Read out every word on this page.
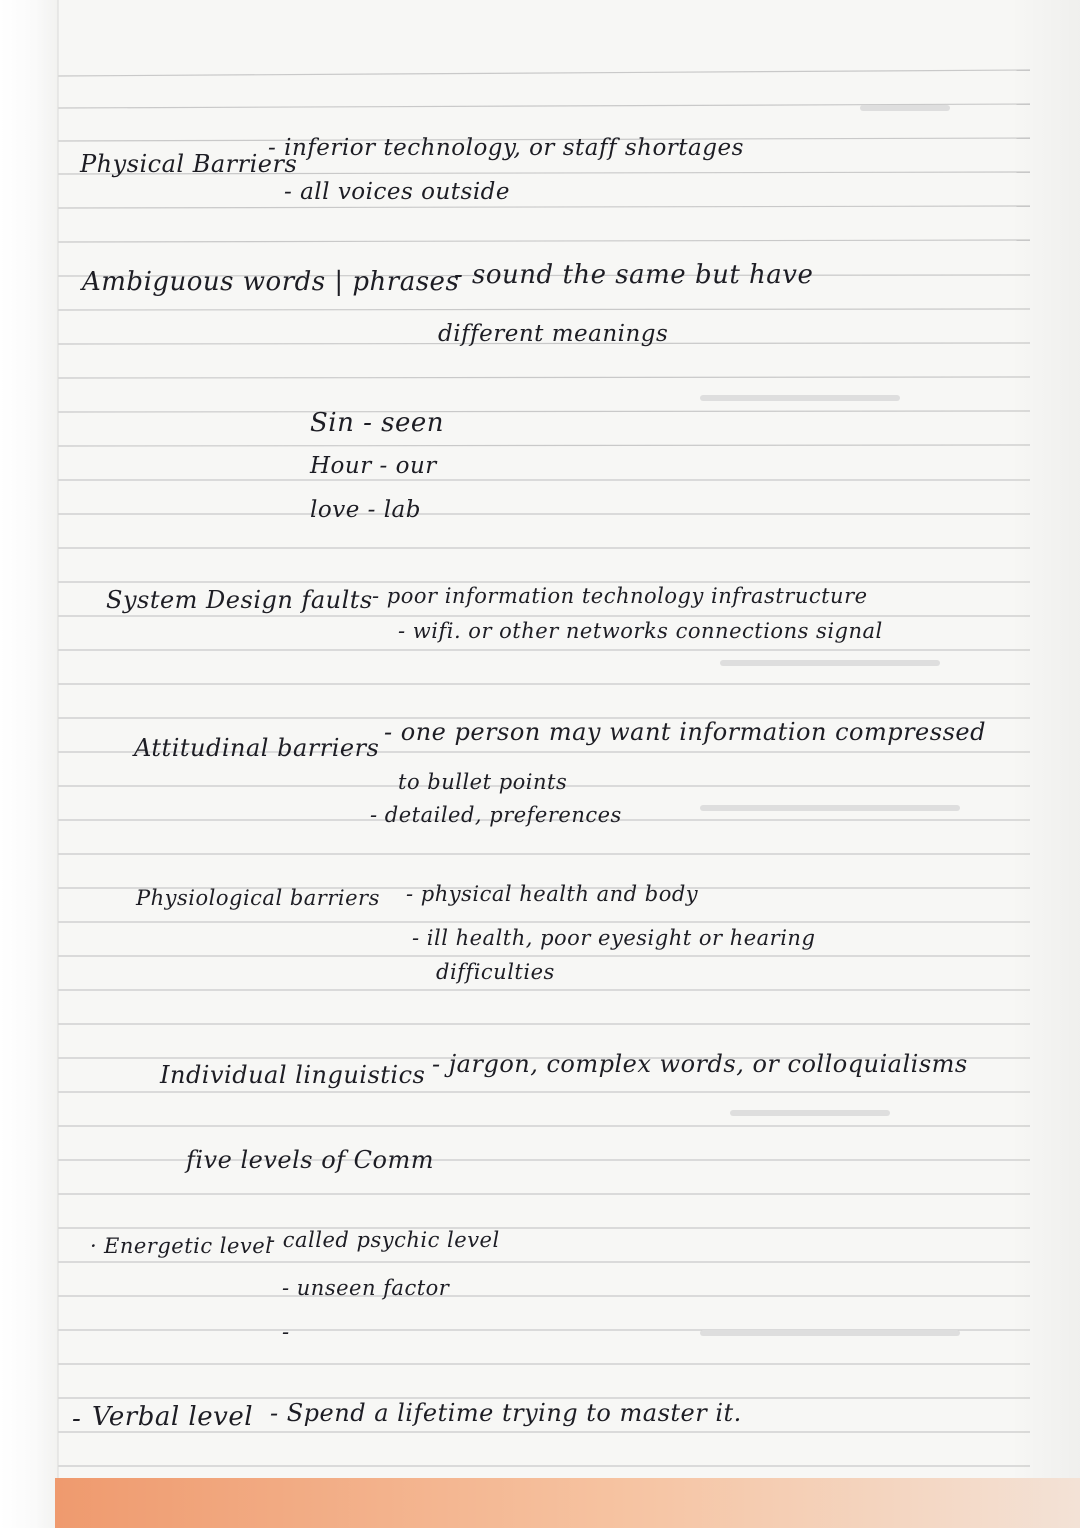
Physical Barriers
- inferior technology, or staff shortages
- all voices outside
Ambiguous words | phrases
- sound the same but have
different meanings
Sin - seen
Hour - our
love - lab
System Design faults - poor information technology infrastructure
- wifi. or other networks connections signal
Attitudinal barriers
- one person may want information compressed
to bullet points
- detailed, preferences
Physiological barriers - physical health and body
- ill health, poor eyesight or hearing
difficulties
Individual linguistics - jargon, complex words, or colloquialisms
five levels of Comm
· Energetic level
- called psychic level
- unseen factor
-
- Verbal level - Spend a lifetime trying to master it.
